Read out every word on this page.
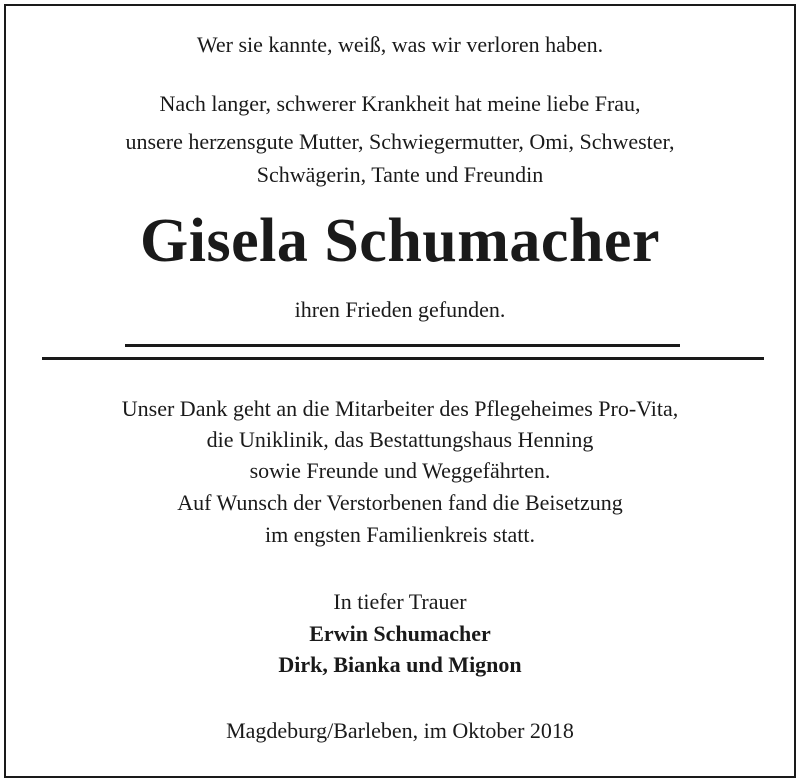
Wer sie kannte, weiß, was wir verloren haben.
Nach langer, schwerer Krankheit hat meine liebe Frau,
unsere herzensgute Mutter, Schwiegermutter, Omi, Schwester,
Schwägerin, Tante und Freundin
Gisela Schumacher
ihren Frieden gefunden.
Unser Dank geht an die Mitarbeiter des Pflegeheimes Pro-Vita,
die Uniklinik, das Bestattungshaus Henning
sowie Freunde und Weggefährten.
Auf Wunsch der Verstorbenen fand die Beisetzung
im engsten Familienkreis statt.
In tiefer Trauer
Erwin Schumacher
Dirk, Bianka und Mignon
Magdeburg/Barleben, im Oktober 2018
